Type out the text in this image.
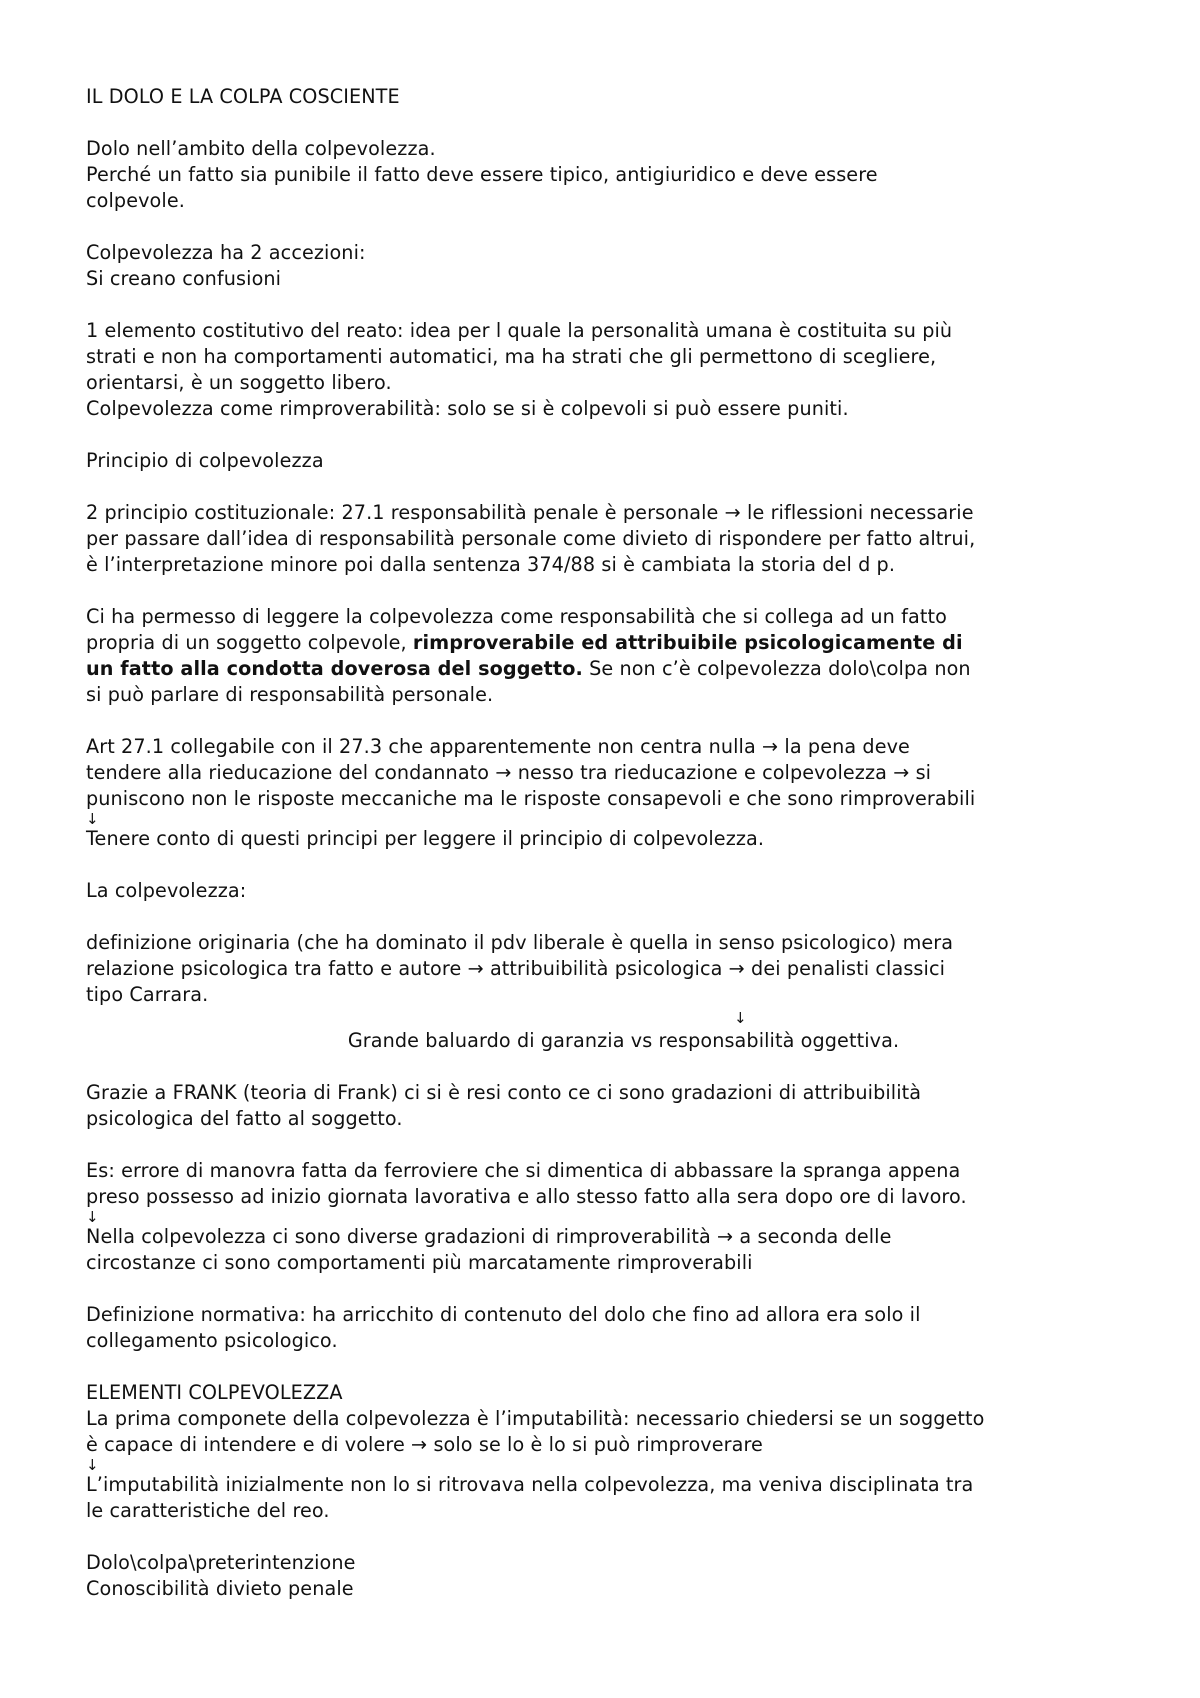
IL DOLO E LA COLPA COSCIENTE
Dolo nell’ambito della colpevolezza.
Perché un fatto sia punibile il fatto deve essere tipico, antigiuridico e deve essere
colpevole.
Colpevolezza ha 2 accezioni:
Si creano confusioni
1 elemento costitutivo del reato: idea per l quale la personalità umana è costituita su più
strati e non ha comportamenti automatici, ma ha strati che gli permettono di scegliere,
orientarsi, è un soggetto libero.
Colpevolezza come rimproverabilità: solo se si è colpevoli si può essere puniti.
Principio di colpevolezza
2 principio costituzionale: 27.1 responsabilità penale è personale → le riflessioni necessarie
per passare dall’idea di responsabilità personale come divieto di rispondere per fatto altrui,
è l’interpretazione minore poi dalla sentenza 374/88 si è cambiata la storia del d p.
Ci ha permesso di leggere la colpevolezza come responsabilità che si collega ad un fatto
propria di un soggetto colpevole, rimproverabile ed attribuibile psicologicamente di
un fatto alla condotta doverosa del soggetto. Se non c’è colpevolezza dolo\colpa non
si può parlare di responsabilità personale.
Art 27.1 collegabile con il 27.3 che apparentemente non centra nulla → la pena deve
tendere alla rieducazione del condannato → nesso tra rieducazione e colpevolezza → si
puniscono non le risposte meccaniche ma le risposte consapevoli e che sono rimproverabili
↓
Tenere conto di questi principi per leggere il principio di colpevolezza.
La colpevolezza:
definizione originaria (che ha dominato il pdv liberale è quella in senso psicologico) mera
relazione psicologica tra fatto e autore → attribuibilità psicologica → dei penalisti classici
tipo Carrara.
↓
Grande baluardo di garanzia vs responsabilità oggettiva.
Grazie a FRANK (teoria di Frank) ci si è resi conto ce ci sono gradazioni di attribuibilità
psicologica del fatto al soggetto.
Es: errore di manovra fatta da ferroviere che si dimentica di abbassare la spranga appena
preso possesso ad inizio giornata lavorativa e allo stesso fatto alla sera dopo ore di lavoro.
↓
Nella colpevolezza ci sono diverse gradazioni di rimproverabilità → a seconda delle
circostanze ci sono comportamenti più marcatamente rimproverabili
Definizione normativa: ha arricchito di contenuto del dolo che fino ad allora era solo il
collegamento psicologico.
ELEMENTI COLPEVOLEZZA
La prima componete della colpevolezza è l’imputabilità: necessario chiedersi se un soggetto
è capace di intendere e di volere → solo se lo è lo si può rimproverare
↓
L’imputabilità inizialmente non lo si ritrovava nella colpevolezza, ma veniva disciplinata tra
le caratteristiche del reo.
Dolo\colpa\preterintenzione
Conoscibilità divieto penale
